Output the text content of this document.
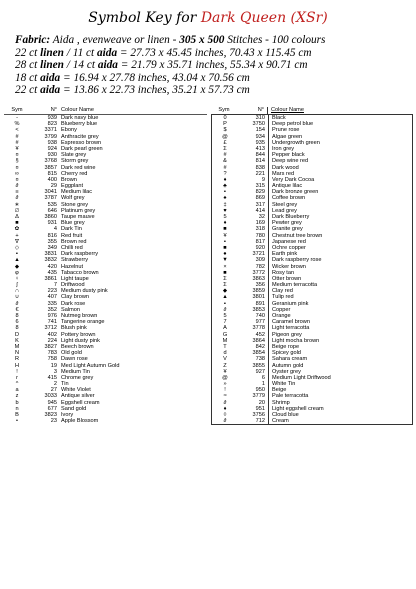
Symbol Key for Dark Queen (XSr)
Fabric: Aida , evenweave or linen - 305 x 500 Stitches - 100 colours
22 ct linen / 11 ct aida = 27.73 x 45.45 inches, 70.43 x 115.45 cm
28 ct linen / 14 ct aida = 21.79 x 35.71 inches, 55.34 x 90.71 cm
18 ct aida = 16.94 x 27.78 inches, 43.04 x 70.56 cm
22 ct aida = 13.86 x 22.73 inches, 35.21 x 57.73 cm
Sym	N° Colour Name
-	939 Dark navy blue
%	823 Blueberry blue
<	3371 Ebony
#	3799 Anthracite grey
#	938 Espresso brown
¥	924 Dark pearl green
¤	930 Slate grey
§	3768 Storm grey
¤	3857 Dark red wine
∞	815 Cherry red
¤	400 Brown
∂	29 Eggplant
≡	3041 Medium lilac
∂	3787 Wolf grey
∗	535 Stone grey
∅	646 Platinum grey
Δ	3860 Taupe mauve
■	931 Blue grey
✿	4 Dark Tin
+	816 Red fruit
∇	355 Brown red
◇	349 Chilli red
▪	3831 Dark raspberry
▲	3832 Strawberry
◆	420 Hazelnut
φ	435 Tabacco brown
♀	3861 Light taupe
∫	7 Driftwood
∩	223 Medium dusty pink
∪	407 Clay brown
∂	335 Dark rose
€	352 Salmon
8	976 Nutmeg brown
6	741 Tangerine orange
8	3712 Blush pink
D	402 Pottery brown
K	224 Light dusty pink
M	3827 Beech brown
N	783 Old gold
R	758 Dawn rose
H	19 Med Light Autumn Gold
!	3 Medium Tin
r	415 Chrome grey
^	2 Tin
a	27 White Violet
z	3033 Antique silver
b	945 Eggshell cream
n	677 Sand gold
B	3823 Ivory
•	23 Apple Blossom
Sym	N°	Colour Name
0	310	Black
P	3750	Deep petrol blue
$	154	Prune rose
@	934	Algae green
£	935	Undergrowth green
Σ	413	Iron grey
#	844	Pepper black
&	814	Deep wine red
#	838	Dark wood
?	221	Mars red
♦	9	Very Dark Cocoa
♣	315	Antique lilac
▪	829	Dark bronze green
♠	869	Coffee brown
‡	317	Steel grey
♥	414	Lead grey
5	32	Dark Blueberry
♦	169	Pewter grey
■	318	Granite grey
¥	780	Chestnut tree brown
▪	817	Japanese red
■	920	Ochre copper
●	3721	Earth pink
▼	309	Dark raspberry rose
×	782	Wicker brown
■	3772	Rosy tan
Σ	3863	Otter brown
Σ	356	Medium terracotta
◆	3859	Clay red
▲	3801	Tulip red
▪	891	Geranium pink
∂	3853	Copper
5	740	Orange
7	977	Caramel brown
A	3778	Light terracotta
G	452	Pigeon grey
M	3864	Light mocha brown
T	842	Beige rope
d	3854	Spicey gold
V	738	Sahara cream
Z	3855	Autumn gold
¥	927	Oyster grey
@	6	Medium Light Driftwood
»	1	White Tin
!	950	Beige
≈	3779	Pale terracotta
∂	20	Shrimp
♦	951	Light eggshell cream
◊	3756	Cloud blue
∂	712	Cream
